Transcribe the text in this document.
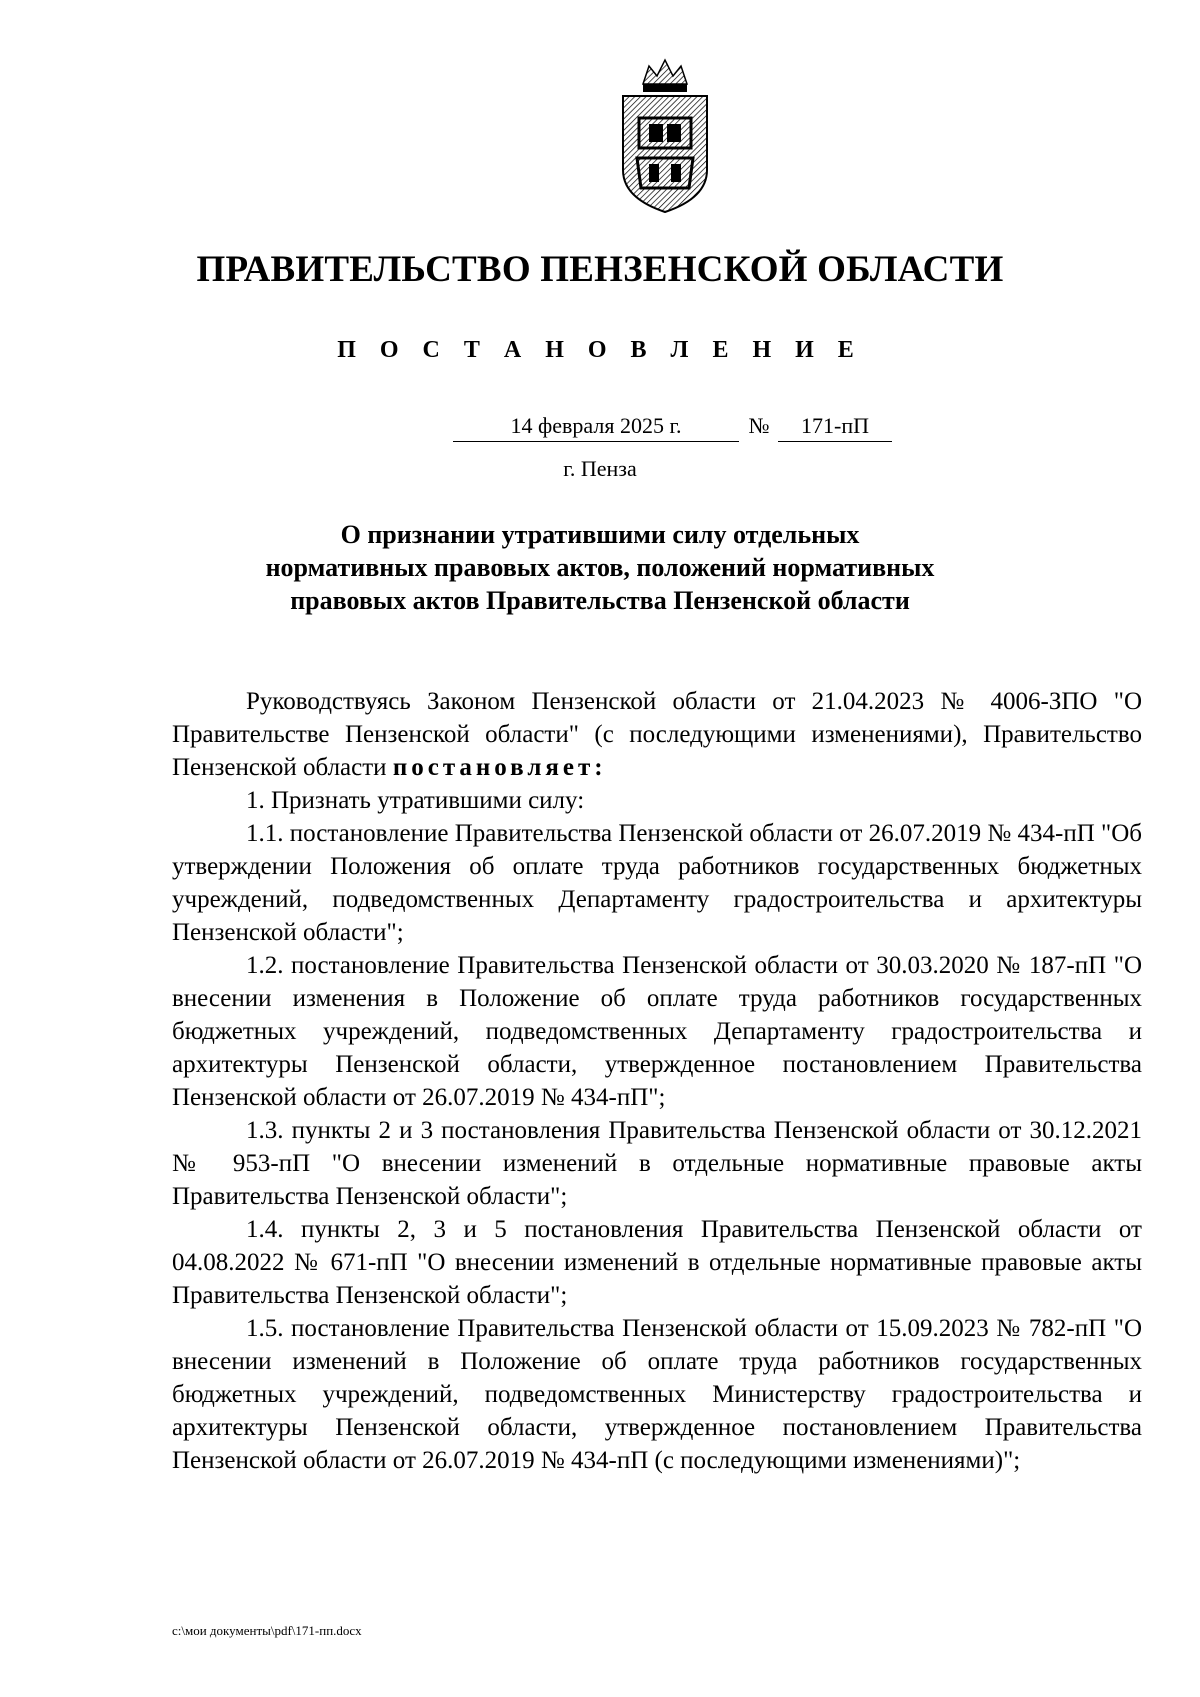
ПРАВИТЕЛЬСТВО ПЕНЗЕНСКОЙ ОБЛАСТИ
П О С Т А Н О В Л Е Н И Е
14 февраля 2025 г.	№	171-пП
г. Пенза
О признании утратившими силу отдельных
нормативных правовых актов, положений нормативных
правовых актов Правительства Пензенской области

Руководствуясь Законом Пензенской области от 21.04.2023 № 4006-ЗПО "О Правительстве Пензенской области" (с последующими изменениями), Правительство Пензенской области постановляет:

1. Признать утратившими силу:

1.1. постановление Правительства Пензенской области от 26.07.2019 № 434-пП "Об утверждении Положения об оплате труда работников государственных бюджетных учреждений, подведомственных Департаменту градостроительства и архитектуры Пензенской области";

1.2. постановление Правительства Пензенской области от 30.03.2020 № 187-пП "О внесении изменения в Положение об оплате труда работников государственных бюджетных учреждений, подведомственных Департаменту градостроительства и архитектуры Пензенской области, утвержденное постановлением Правительства Пензенской области от 26.07.2019 № 434-пП";

1.3. пункты 2 и 3 постановления Правительства Пензенской области от 30.12.2021 № 953-пП "О внесении изменений в отдельные нормативные правовые акты Правительства Пензенской области";

1.4. пункты 2, 3 и 5 постановления Правительства Пензенской области от 04.08.2022 № 671-пП "О внесении изменений в отдельные нормативные правовые акты Правительства Пензенской области";

1.5. постановление Правительства Пензенской области от 15.09.2023 № 782-пП "О внесении изменений в Положение об оплате труда работников государственных бюджетных учреждений, подведомственных Министерству градостроительства и архитектуры Пензенской области, утвержденное постановлением Правительства Пензенской области от 26.07.2019 № 434-пП (с последующими изменениями)";

c:\мои документы\pdf\171-пп.docx
